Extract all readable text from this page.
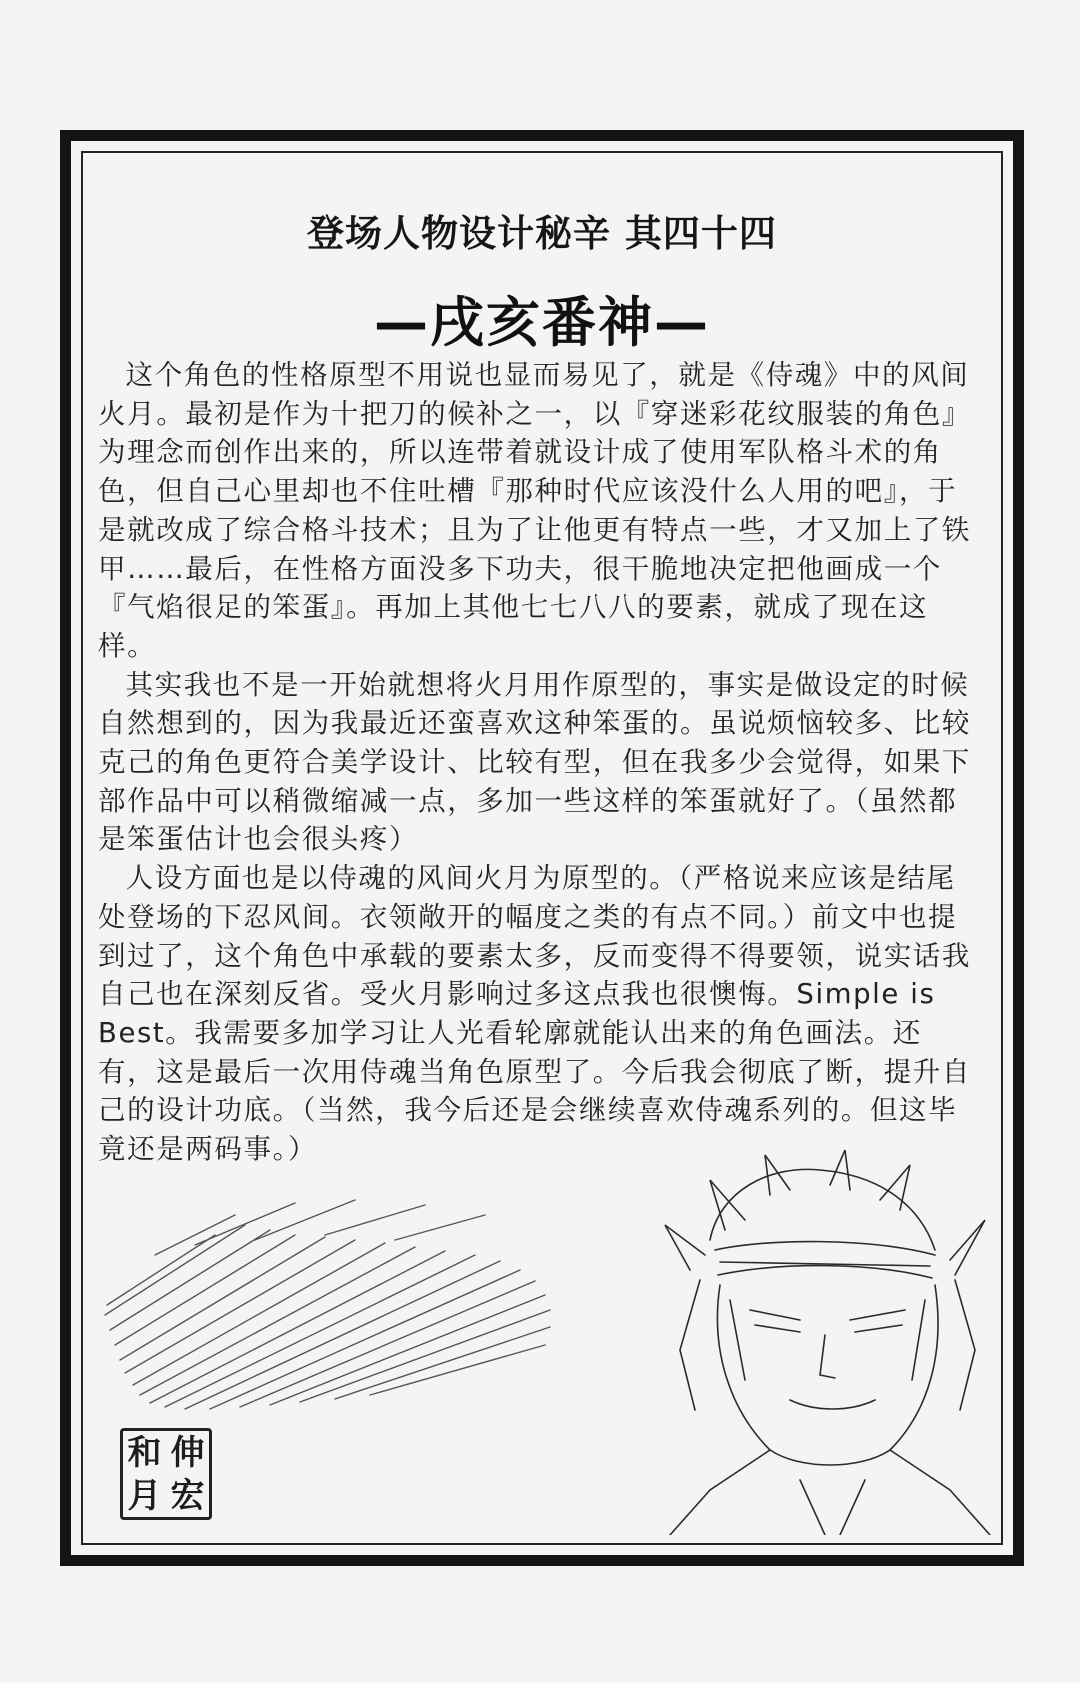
登场人物设计秘辛 其四十四
—戌亥番神—

这个角色的性格原型不用说也显而易见了，就是《侍魂》中的风间火月。最初是作为十把刀的候补之一，以『穿迷彩花纹服装的角色』为理念而创作出来的，所以连带着就设计成了使用军队格斗术的角色，但自己心里却也不住吐槽『那种时代应该没什么人用的吧』，于是就改成了综合格斗技术；且为了让他更有特点一些，才又加上了铁甲……最后，在性格方面没多下功夫，很干脆地决定把他画成一个『气焰很足的笨蛋』。再加上其他七七八八的要素，就成了现在这样。

其实我也不是一开始就想将火月用作原型的，事实是做设定的时候自然想到的，因为我最近还蛮喜欢这种笨蛋的。虽说烦恼较多、比较克己的角色更符合美学设计、比较有型，但在我多少会觉得，如果下部作品中可以稍微缩减一点，多加一些这样的笨蛋就好了。（虽然都是笨蛋估计也会很头疼）

人设方面也是以侍魂的风间火月为原型的。（严格说来应该是结尾处登场的下忍风间。衣领敞开的幅度之类的有点不同。）前文中也提到过了，这个角色中承载的要素太多，反而变得不得要领，说实话我自己也在深刻反省。受火月影响过多这点我也很懊悔。Simple is Best。我需要多加学习让人光看轮廓就能认出来的角色画法。还有，这是最后一次用侍魂当角色原型了。今后我会彻底了断，提升自己的设计功底。（当然，我今后还是会继续喜欢侍魂系列的。但这毕竟还是两码事。）

和 伸
月 宏
